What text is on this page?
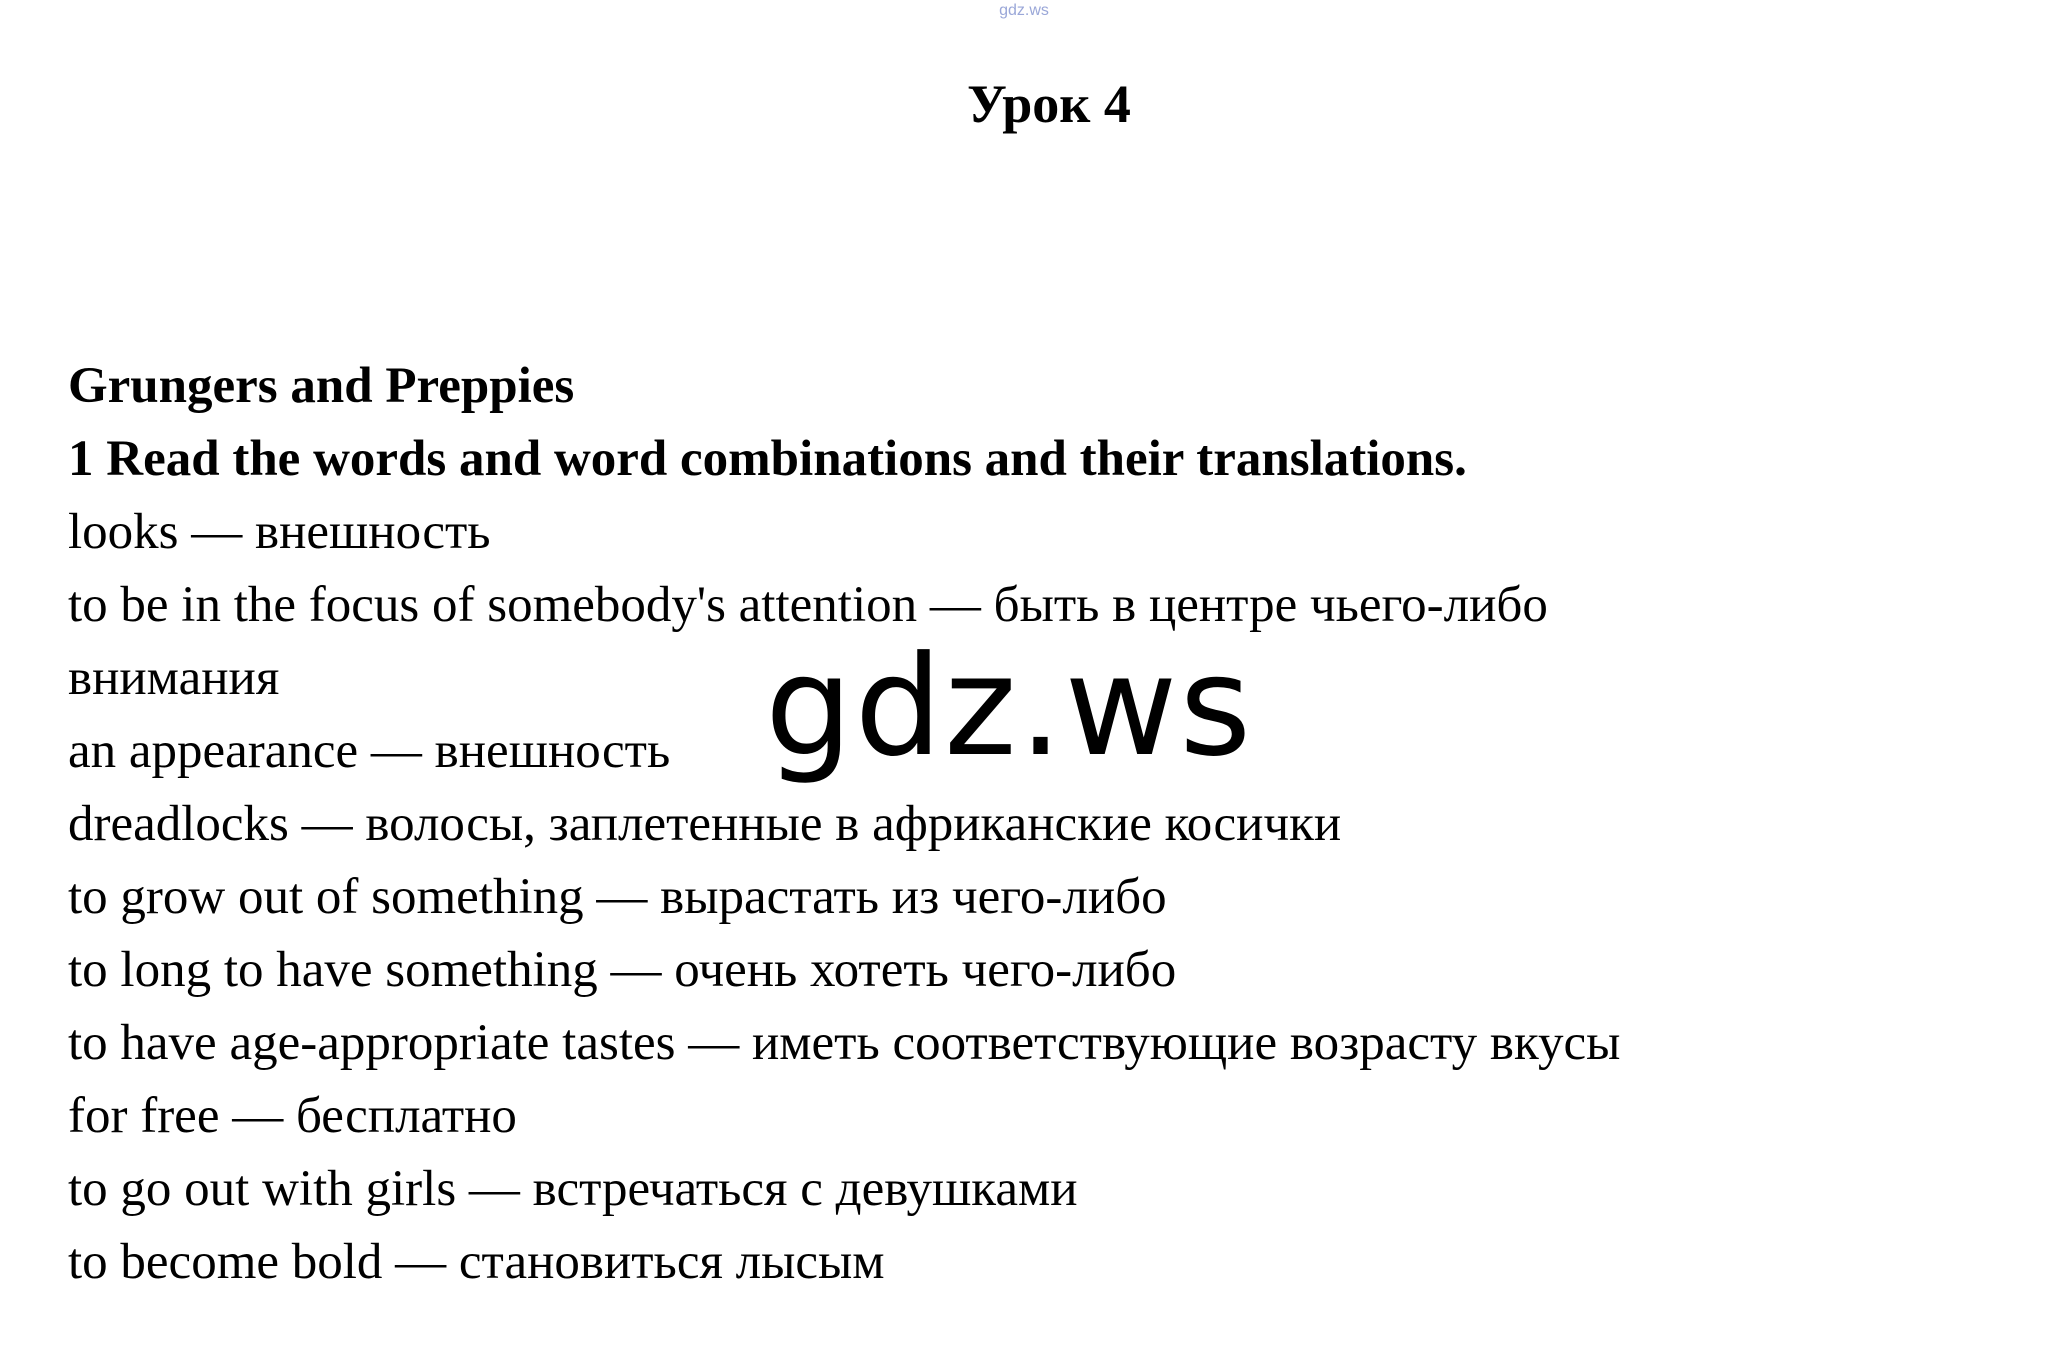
gdz.ws
Урок 4
Grungers and Preppies
1 Read the words and word combinations and their translations.
looks — внешность
to be in the focus of somebody's attention — быть в центре чьего-либо
внимания
an appearance — внешность
dreadlocks — волосы, заплетенные в африканские косички
to grow out of something — вырастать из чего-либо
to long to have something — очень хотеть чего-либо
to have age-appropriate tastes — иметь соответствующие возрасту вкусы
for free — бесплатно
to go out with girls — встречаться с девушками
to become bold — становиться лысым
gdz.ws
